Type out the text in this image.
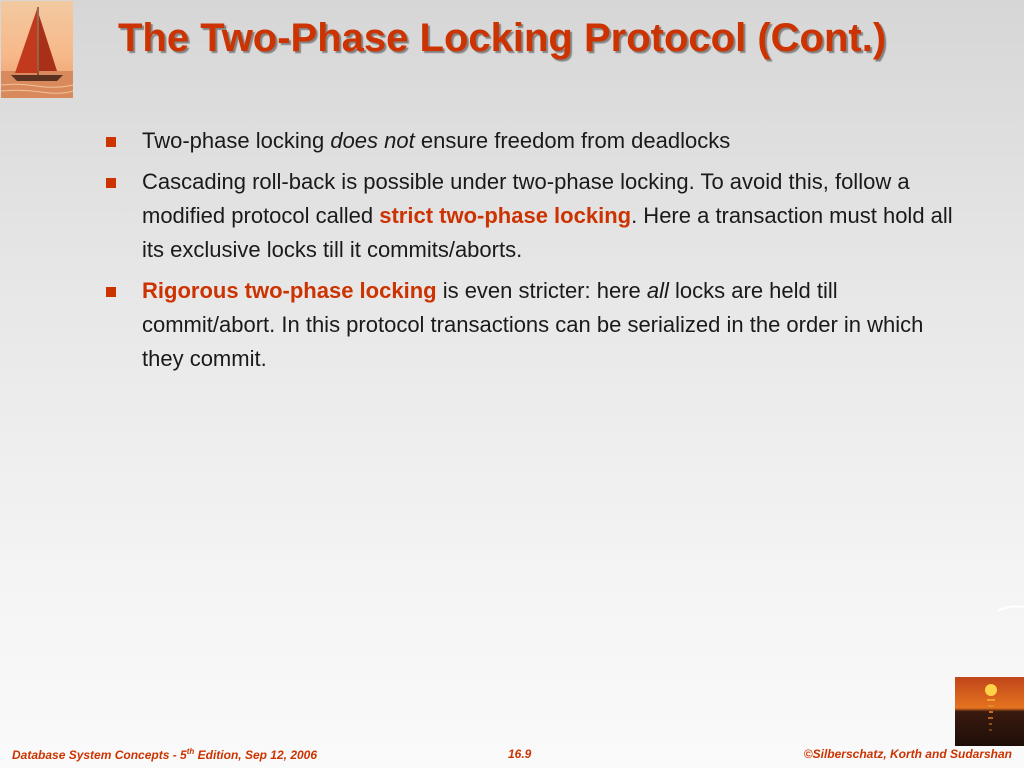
The Two-Phase Locking Protocol (Cont.)
Two-phase locking does not ensure freedom from deadlocks
Cascading roll-back is possible under two-phase locking. To avoid this, follow a modified protocol called strict two-phase locking. Here a transaction must hold all its exclusive locks till it commits/aborts.
Rigorous two-phase locking is even stricter: here all locks are held till commit/abort. In this protocol transactions can be serialized in the order in which they commit.
Database System Concepts - 5th Edition, Sep 12, 2006	16.9	©Silberschatz, Korth and Sudarshan
